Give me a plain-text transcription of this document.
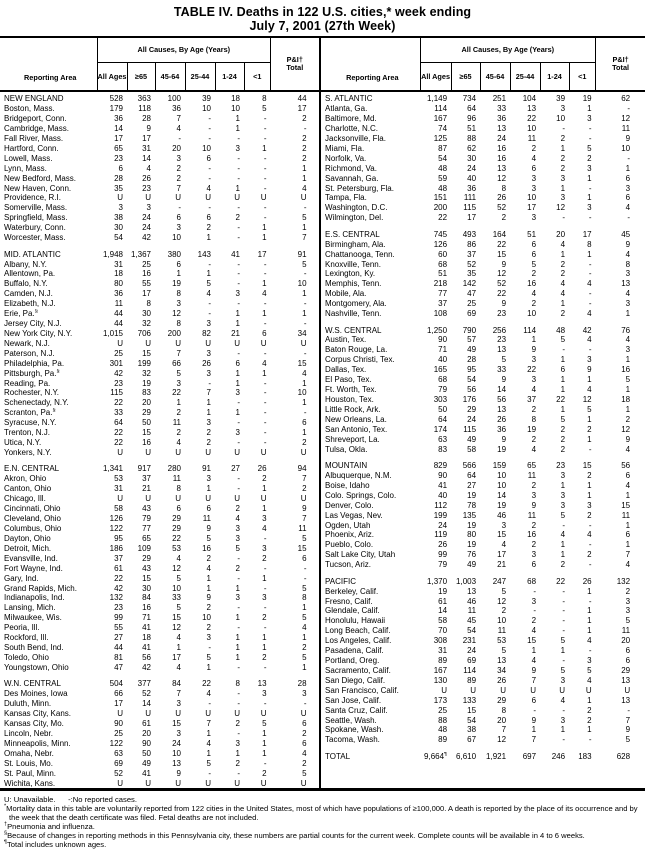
TABLE IV. Deaths in 122 U.S. cities,* week ending
July 7, 2001 (27th Week)
Reporting Area	All Causes, By Age (Years)						P&I†
Total
	All Ages	≥65	45-64	25-44	1-24	<1	
NEW ENGLAND	528	363	100	39	18	8	44
Boston, Mass.	179	118	36	10	10	5	17
Bridgeport, Conn.	36	28	7	-	1	-	2
Cambridge, Mass.	14	9	4	-	1	-	-
Fall River, Mass.	17	17	-	-	-	-	2
Hartford, Conn.	65	31	20	10	3	1	2
Lowell, Mass.	23	14	3	6	-	-	2
Lynn, Mass.	6	4	2	-	-	-	1
New Bedford, Mass.	28	26	2	-	-	-	1
New Haven, Conn.	35	23	7	4	1	-	4
Providence, R.I.	U	U	U	U	U	U	U
Somerville, Mass.	3	3	-	-	-	-	-
Springfield, Mass.	38	24	6	6	2	-	5
Waterbury, Conn.	30	24	3	2	-	1	1
Worcester, Mass.	54	42	10	1	-	1	7

MID. ATLANTIC	1,948	1,367	380	143	41	17	91
Albany, N.Y.	31	25	6	-	-	-	5
Allentown, Pa.	18	16	1	1	-	-	-
Buffalo, N.Y.	80	55	19	5	-	1	10
Camden, N.J.	36	17	8	4	3	4	1
Elizabeth, N.J.	11	8	3	-	-	-	-
Erie, Pa.§	44	30	12	-	1	1	1
Jersey City, N.J.	44	32	8	3	1	-	-
New York City, N.Y.	1,015	706	200	82	21	6	34
Newark, N.J.	U	U	U	U	U	U	U
Paterson, N.J.	25	15	7	3	-	-	-
Philadelphia, Pa.	301	199	66	26	6	4	15
Pittsburgh, Pa.§	42	32	5	3	1	1	4
Reading, Pa.	23	19	3	-	1	-	1
Rochester, N.Y.	115	83	22	7	3	-	10
Schenectady, N.Y.	22	20	1	1	-	-	1
Scranton, Pa.§	33	29	2	1	1	-	-
Syracuse, N.Y.	64	50	11	3	-	-	6
Trenton, N.J.	22	15	2	2	3	-	1
Utica, N.Y.	22	16	4	2	-	-	2
Yonkers, N.Y.	U	U	U	U	U	U	U

E.N. CENTRAL	1,341	917	280	91	27	26	94
Akron, Ohio	53	37	11	3	-	2	7
Canton, Ohio	31	21	8	1	-	1	2
Chicago, Ill.	U	U	U	U	U	U	U
Cincinnati, Ohio	58	43	6	6	2	1	9
Cleveland, Ohio	126	79	29	11	4	3	7
Columbus, Ohio	122	77	29	9	3	4	11
Dayton, Ohio	95	65	22	5	3	-	5
Detroit, Mich.	186	109	53	16	5	3	15
Evansville, Ind.	37	29	4	2	-	2	6
Fort Wayne, Ind.	61	43	12	4	2	-	-
Gary, Ind.	22	15	5	1	-	1	-
Grand Rapids, Mich.	42	30	10	1	1	-	5
Indianapolis, Ind.	132	84	33	9	3	3	8
Lansing, Mich.	23	16	5	2	-	-	1
Milwaukee, Wis.	99	71	15	10	1	2	5
Peoria, Ill.	55	41	12	2	-	-	4
Rockford, Ill.	27	18	4	3	1	1	1
South Bend, Ind.	44	41	1	-	1	1	2
Toledo, Ohio	81	56	17	5	1	2	5
Youngstown, Ohio	47	42	4	1	-	-	1

W.N. CENTRAL	504	377	84	22	8	13	28
Des Moines, Iowa	66	52	7	4	-	3	3
Duluth, Minn.	17	14	3	-	-	-	-
Kansas City, Kans.	U	U	U	U	U	U	U
Kansas City, Mo.	90	61	15	7	2	5	6
Lincoln, Nebr.	25	20	3	1	-	1	2
Minneapolis, Minn.	122	90	24	4	3	1	6
Omaha, Nebr.	63	50	10	1	1	1	4
St. Louis, Mo.	69	49	13	5	2	-	2
St. Paul, Minn.	52	41	9	-	-	2	5
Wichita, Kans.	U	U	U	U	U	U	U
Reporting Area	All Causes, By Age (Years)						P&I†
Total
	All Ages	≥65	45-64	25-44	1-24	<1	
S. ATLANTIC	1,149	734	251	104	39	19	62
Atlanta, Ga.	114	64	33	13	3	1	-
Baltimore, Md.	167	96	36	22	10	3	12
Charlotte, N.C.	74	51	13	10	-	-	11
Jacksonville, Fla.	125	88	24	11	2	-	9
Miami, Fla.	87	62	16	2	1	5	10
Norfolk, Va.	54	30	16	4	2	2	-
Richmond, Va.	48	24	13	6	2	3	1
Savannah, Ga.	59	40	12	3	3	1	6
St. Petersburg, Fla.	48	36	8	3	1	-	3
Tampa, Fla.	151	111	26	10	3	1	6
Washington, D.C.	200	115	52	17	12	3	4
Wilmington, Del.	22	17	2	3	-	-	-

E.S. CENTRAL	745	493	164	51	20	17	45
Birmingham, Ala.	126	86	22	6	4	8	9
Chattanooga, Tenn.	60	37	15	6	1	1	4
Knoxville, Tenn.	68	52	9	5	2	-	8
Lexington, Ky.	51	35	12	2	2	-	3
Memphis, Tenn.	218	142	52	16	4	4	13
Mobile, Ala.	77	47	22	4	4	-	4
Montgomery, Ala.	37	25	9	2	1	-	3
Nashville, Tenn.	108	69	23	10	2	4	1

W.S. CENTRAL	1,250	790	256	114	48	42	76
Austin, Tex.	90	57	23	1	5	4	4
Baton Rouge, La.	71	49	13	9	-	-	3
Corpus Christi, Tex.	40	28	5	3	1	3	1
Dallas, Tex.	165	95	33	22	6	9	16
El Paso, Tex.	68	54	9	3	1	1	5
Ft. Worth, Tex.	79	56	14	4	1	4	1
Houston, Tex.	303	176	56	37	22	12	18
Little Rock, Ark.	50	29	13	2	1	5	1
New Orleans, La.	64	24	26	8	5	1	2
San Antonio, Tex.	174	115	36	19	2	2	12
Shreveport, La.	63	49	9	2	2	1	9
Tulsa, Okla.	83	58	19	4	2	-	4

MOUNTAIN	829	566	159	65	23	15	56
Albuquerque, N.M.	90	64	10	11	3	2	6
Boise, Idaho	41	27	10	2	1	1	4
Colo. Springs, Colo.	40	19	14	3	3	1	1
Denver, Colo.	112	78	19	9	3	3	15
Las Vegas, Nev.	199	135	46	11	5	2	11
Ogden, Utah	24	19	3	2	-	-	1
Phoenix, Ariz.	119	80	15	16	4	4	6
Pueblo, Colo.	26	19	4	2	1	-	1
Salt Lake City, Utah	99	76	17	3	1	2	7
Tucson, Ariz.	79	49	21	6	2	-	4

PACIFIC	1,370	1,003	247	68	22	26	132
Berkeley, Calif.	19	13	5	-	-	1	2
Fresno, Calif.	61	46	12	3	-	-	3
Glendale, Calif.	14	11	2	-	-	1	3
Honolulu, Hawaii	58	45	10	2	-	1	5
Long Beach, Calif.	70	54	11	4	-	1	11
Los Angeles, Calif.	308	231	53	15	5	4	20
Pasadena, Calif.	31	24	5	1	1	-	6
Portland, Oreg.	89	69	13	4	-	3	6
Sacramento, Calif.	167	114	34	9	5	5	29
San Diego, Calif.	130	89	26	7	3	4	13
San Francisco, Calif.	U	U	U	U	U	U	U
San Jose, Calif.	173	133	29	6	4	1	13
Santa Cruz, Calif.	25	15	8	-	-	2	-
Seattle, Wash.	88	54	20	9	3	2	7
Spokane, Wash.	48	38	7	1	1	1	9
Tacoma, Wash.	89	67	12	7	-	-	5

TOTAL	9,664¶	6,610	1,921	697	246	183	628
U: Unavailable.      -:No reported cases.
*Mortality data in this table are voluntarily reported from 122 cities in the United States, most of which have populations of ≥100,000. A death is reported by the place of its occurrence and by the week that the death certificate was filed. Fetal deaths are not included.
†Pneumonia and influenza.
§Because of changes in reporting methods in this Pennsylvania city, these numbers are partial counts for the current week. Complete counts will be available in 4 to 6 weeks.
¶Total includes unknown ages.
